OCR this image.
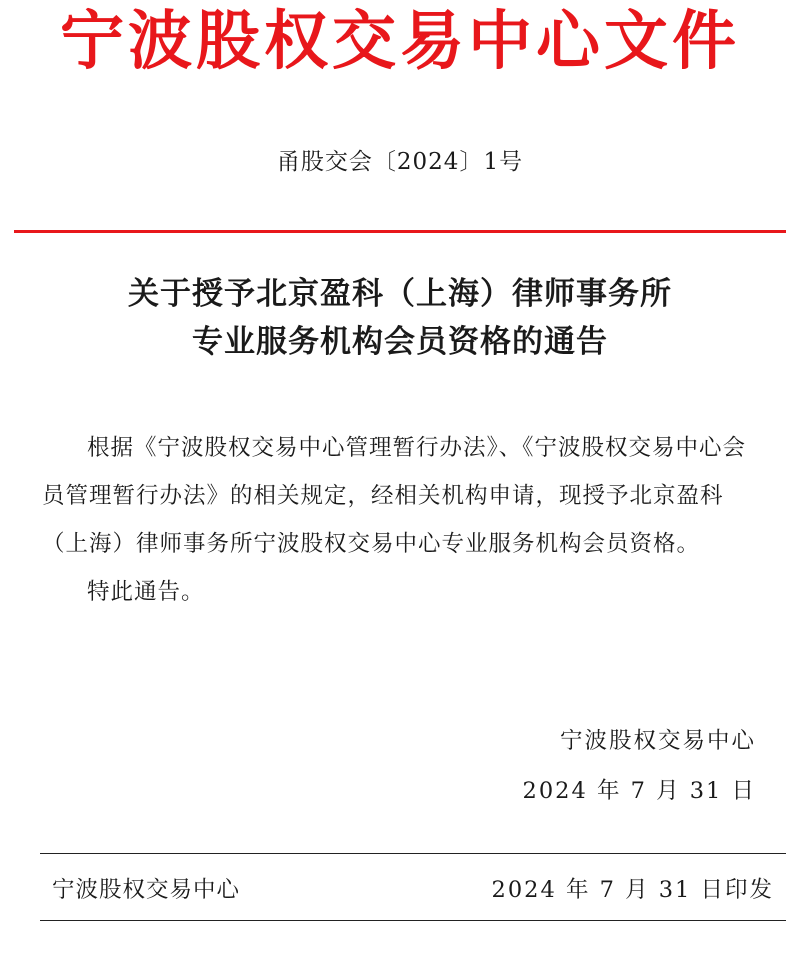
宁波股权交易中心文件
甬股交会〔2024〕1号
关于授予北京盈科（上海）律师事务所
专业服务机构会员资格的通告

根据《宁波股权交易中心管理暂行办法》、《宁波股权交易中心会员管理暂行办法》的相关规定，经相关机构申请，现授予北京盈科（上海）律师事务所宁波股权交易中心专业服务机构会员资格。

特此通告。

宁波股权交易中心
2024 年 7 月 31 日
宁波股权交易中心	2024 年 7 月 31 日印发
